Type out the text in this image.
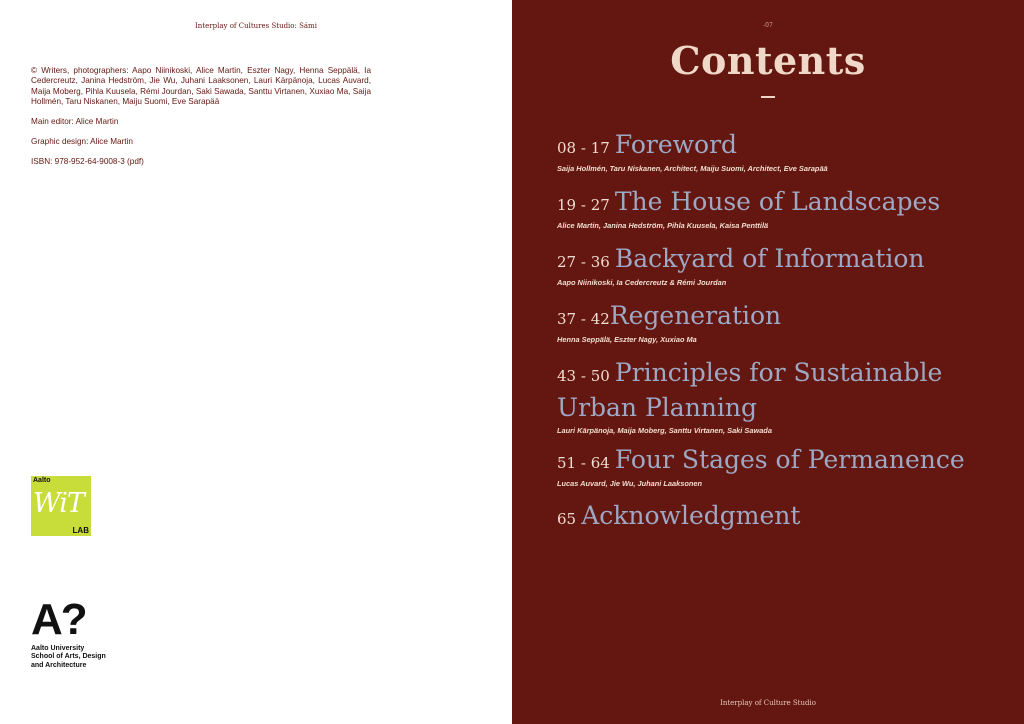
Interplay of Cultures Studio: Sámi

© Writers, photographers: Aapo Niinikoski, Alice Martin, Eszter Nagy, Henna Seppälä, Ia Cedercreutz, Janina Hedström, Jie Wu, Juhani Laaksonen, Lauri Kärpänoja, Lucas Auvard, Maija Moberg, Pihla Kuusela, Rémi Jourdan, Saki Sawada, Santtu Virtanen, Xuxiao Ma, Saija Hollmén, Taru Niskanen, Maiju Suomi, Eve Sarapää

Main editor: Alice Martin

Graphic design: Alice Martin

ISBN: 978-952-64-9008-3 (pdf)

Aalto
WiT
LAB
A?
Aalto University
School of Arts, Design
and Architecture
-07
Contents
08 - 17 Foreword
Saija Hollmén, Taru Niskanen, Architect, Maiju Suomi, Architect, Eve Sarapää
19 - 27 The House of Landscapes
Alice Martin, Janina Hedström, Pihla Kuusela, Kaisa Penttilä
27 - 36 Backyard of Information
Aapo Niinikoski, Ia Cedercreutz & Rémi Jourdan
37 - 42Regeneration
Henna Seppälä, Eszter Nagy, Xuxiao Ma
43 - 50 Principles for Sustainable Urban Planning
Lauri Kärpänoja, Maija Moberg, Santtu Virtanen, Saki Sawada
51 - 64 Four Stages of Permanence
Lucas Auvard, Jie Wu, Juhani Laaksonen
65 Acknowledgment
Interplay of Culture Studio
